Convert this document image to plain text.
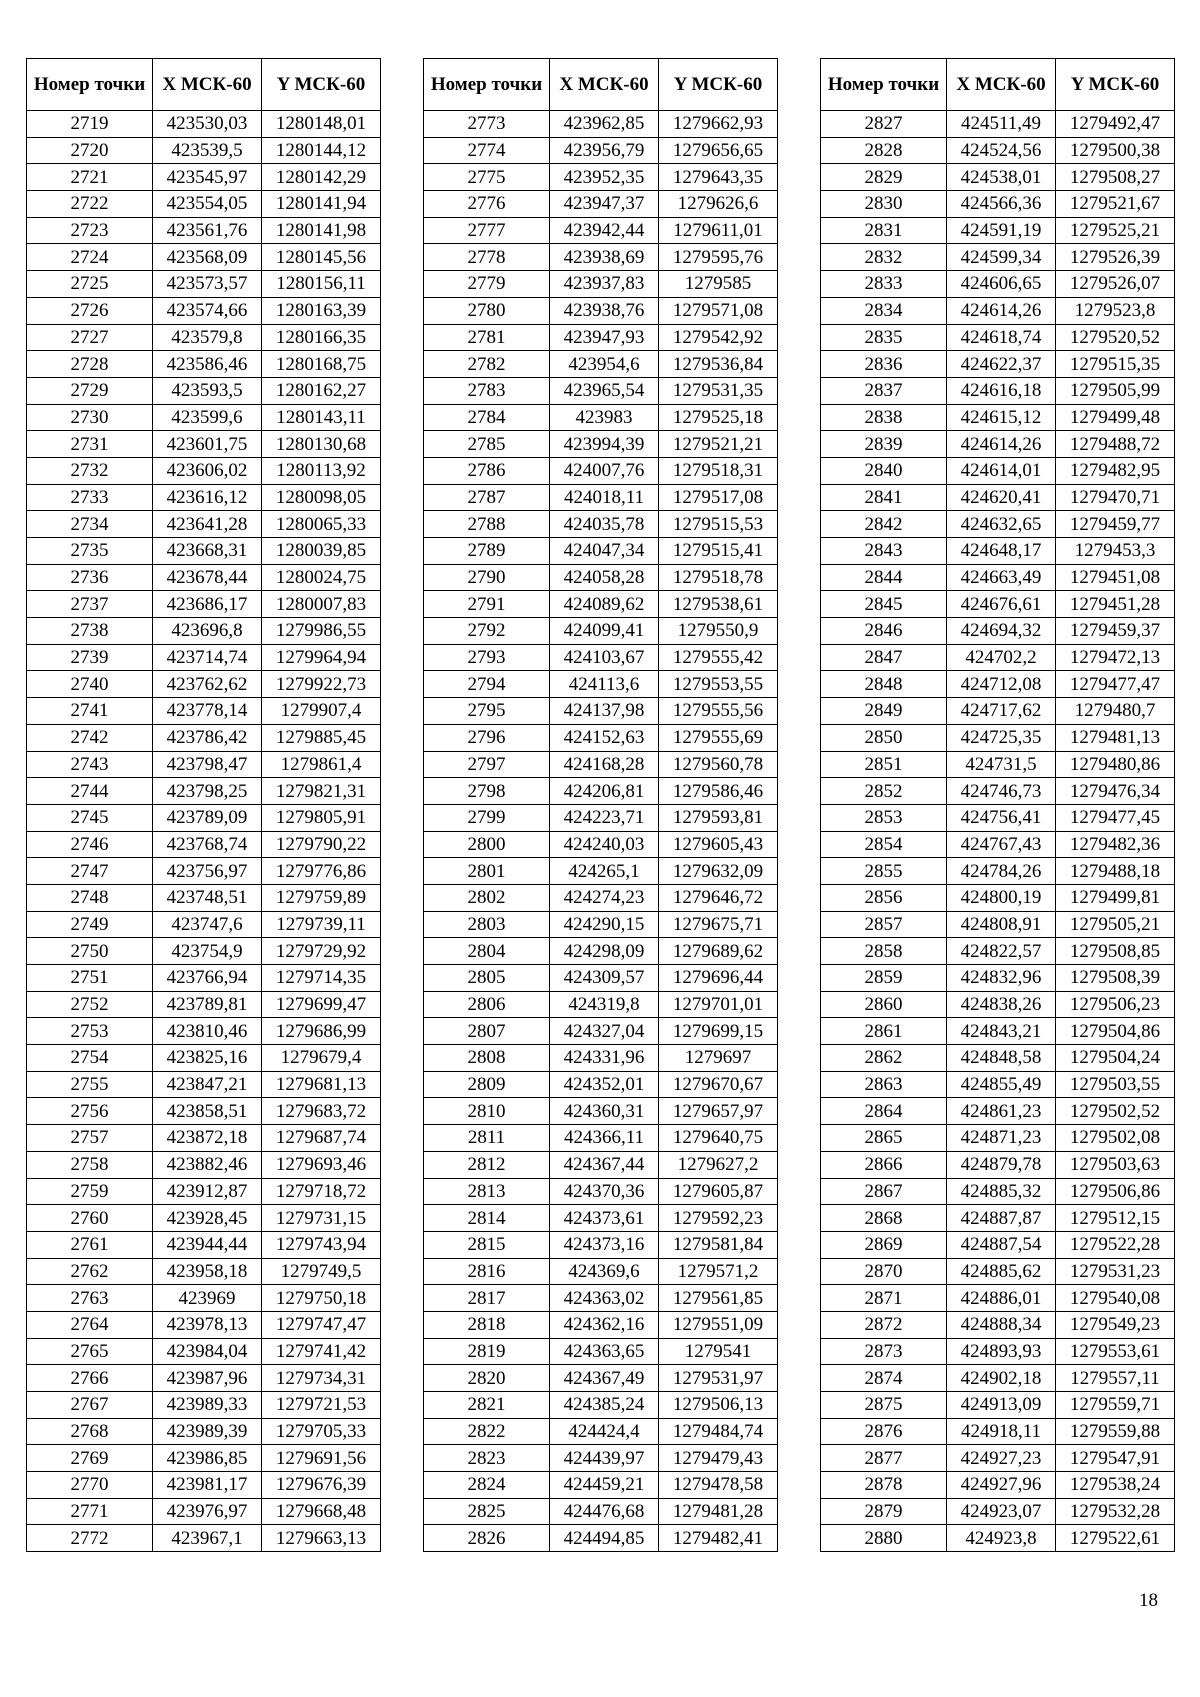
Номер точки	X МСК-60	Y МСК-60
2719	423530,03	1280148,01
2720	423539,5	1280144,12
2721	423545,97	1280142,29
2722	423554,05	1280141,94
2723	423561,76	1280141,98
2724	423568,09	1280145,56
2725	423573,57	1280156,11
2726	423574,66	1280163,39
2727	423579,8	1280166,35
2728	423586,46	1280168,75
2729	423593,5	1280162,27
2730	423599,6	1280143,11
2731	423601,75	1280130,68
2732	423606,02	1280113,92
2733	423616,12	1280098,05
2734	423641,28	1280065,33
2735	423668,31	1280039,85
2736	423678,44	1280024,75
2737	423686,17	1280007,83
2738	423696,8	1279986,55
2739	423714,74	1279964,94
2740	423762,62	1279922,73
2741	423778,14	1279907,4
2742	423786,42	1279885,45
2743	423798,47	1279861,4
2744	423798,25	1279821,31
2745	423789,09	1279805,91
2746	423768,74	1279790,22
2747	423756,97	1279776,86
2748	423748,51	1279759,89
2749	423747,6	1279739,11
2750	423754,9	1279729,92
2751	423766,94	1279714,35
2752	423789,81	1279699,47
2753	423810,46	1279686,99
2754	423825,16	1279679,4
2755	423847,21	1279681,13
2756	423858,51	1279683,72
2757	423872,18	1279687,74
2758	423882,46	1279693,46
2759	423912,87	1279718,72
2760	423928,45	1279731,15
2761	423944,44	1279743,94
2762	423958,18	1279749,5
2763	423969	1279750,18
2764	423978,13	1279747,47
2765	423984,04	1279741,42
2766	423987,96	1279734,31
2767	423989,33	1279721,53
2768	423989,39	1279705,33
2769	423986,85	1279691,56
2770	423981,17	1279676,39
2771	423976,97	1279668,48
2772	423967,1	1279663,13
Номер точки	X МСК-60	Y МСК-60
2773	423962,85	1279662,93
2774	423956,79	1279656,65
2775	423952,35	1279643,35
2776	423947,37	1279626,6
2777	423942,44	1279611,01
2778	423938,69	1279595,76
2779	423937,83	1279585
2780	423938,76	1279571,08
2781	423947,93	1279542,92
2782	423954,6	1279536,84
2783	423965,54	1279531,35
2784	423983	1279525,18
2785	423994,39	1279521,21
2786	424007,76	1279518,31
2787	424018,11	1279517,08
2788	424035,78	1279515,53
2789	424047,34	1279515,41
2790	424058,28	1279518,78
2791	424089,62	1279538,61
2792	424099,41	1279550,9
2793	424103,67	1279555,42
2794	424113,6	1279553,55
2795	424137,98	1279555,56
2796	424152,63	1279555,69
2797	424168,28	1279560,78
2798	424206,81	1279586,46
2799	424223,71	1279593,81
2800	424240,03	1279605,43
2801	424265,1	1279632,09
2802	424274,23	1279646,72
2803	424290,15	1279675,71
2804	424298,09	1279689,62
2805	424309,57	1279696,44
2806	424319,8	1279701,01
2807	424327,04	1279699,15
2808	424331,96	1279697
2809	424352,01	1279670,67
2810	424360,31	1279657,97
2811	424366,11	1279640,75
2812	424367,44	1279627,2
2813	424370,36	1279605,87
2814	424373,61	1279592,23
2815	424373,16	1279581,84
2816	424369,6	1279571,2
2817	424363,02	1279561,85
2818	424362,16	1279551,09
2819	424363,65	1279541
2820	424367,49	1279531,97
2821	424385,24	1279506,13
2822	424424,4	1279484,74
2823	424439,97	1279479,43
2824	424459,21	1279478,58
2825	424476,68	1279481,28
2826	424494,85	1279482,41
Номер точки	X МСК-60	Y МСК-60
2827	424511,49	1279492,47
2828	424524,56	1279500,38
2829	424538,01	1279508,27
2830	424566,36	1279521,67
2831	424591,19	1279525,21
2832	424599,34	1279526,39
2833	424606,65	1279526,07
2834	424614,26	1279523,8
2835	424618,74	1279520,52
2836	424622,37	1279515,35
2837	424616,18	1279505,99
2838	424615,12	1279499,48
2839	424614,26	1279488,72
2840	424614,01	1279482,95
2841	424620,41	1279470,71
2842	424632,65	1279459,77
2843	424648,17	1279453,3
2844	424663,49	1279451,08
2845	424676,61	1279451,28
2846	424694,32	1279459,37
2847	424702,2	1279472,13
2848	424712,08	1279477,47
2849	424717,62	1279480,7
2850	424725,35	1279481,13
2851	424731,5	1279480,86
2852	424746,73	1279476,34
2853	424756,41	1279477,45
2854	424767,43	1279482,36
2855	424784,26	1279488,18
2856	424800,19	1279499,81
2857	424808,91	1279505,21
2858	424822,57	1279508,85
2859	424832,96	1279508,39
2860	424838,26	1279506,23
2861	424843,21	1279504,86
2862	424848,58	1279504,24
2863	424855,49	1279503,55
2864	424861,23	1279502,52
2865	424871,23	1279502,08
2866	424879,78	1279503,63
2867	424885,32	1279506,86
2868	424887,87	1279512,15
2869	424887,54	1279522,28
2870	424885,62	1279531,23
2871	424886,01	1279540,08
2872	424888,34	1279549,23
2873	424893,93	1279553,61
2874	424902,18	1279557,11
2875	424913,09	1279559,71
2876	424918,11	1279559,88
2877	424927,23	1279547,91
2878	424927,96	1279538,24
2879	424923,07	1279532,28
2880	424923,8	1279522,61
18
